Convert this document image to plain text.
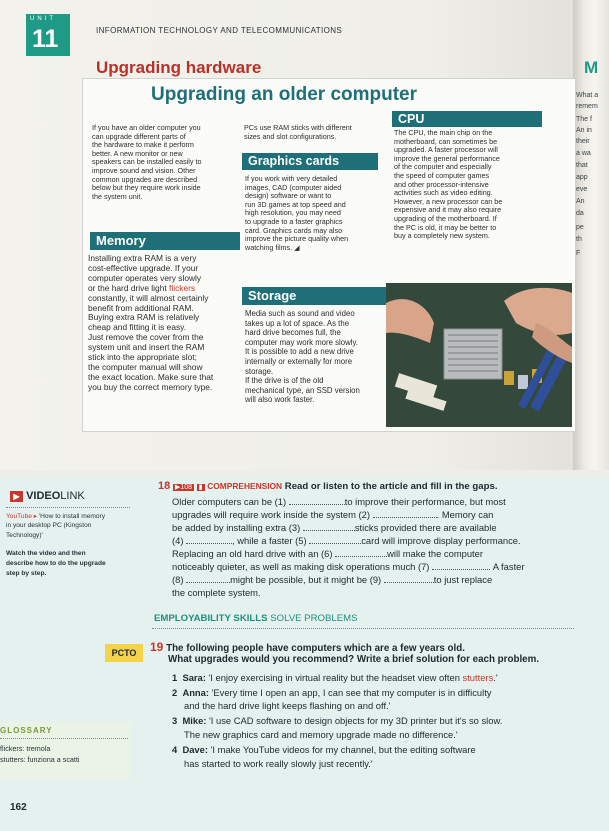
UNIT
11	INFORMATION TECHNOLOGY AND TELECOMMUNICATIONS
Upgrading hardware	M
Upgrading an older computer
If you have an older computer you
can upgrade different parts of
the hardware to make it perform
better. A new monitor or new
speakers can be installed easily to
improve sound and vision. Other
common upgrades are described
below but they require work inside
the system unit.
Memory
Installing extra RAM is a very
cost-effective upgrade. If your
computer operates very slowly
or the hard drive light flickers
constantly, it will almost certainly
benefit from additional RAM.
Buying extra RAM is relatively
cheap and fitting it is easy.
Just remove the cover from the
system unit and insert the RAM
stick into the appropriate slot;
the computer manual will show
the exact location. Make sure that
you buy the correct memory type.
PCs use RAM sticks with different
sizes and slot configurations.
Graphics cards
If you work with very detailed
images, CAD (computer aided
design) software or want to
run 3D games at top speed and
high resolution, you may need
to upgrade to a faster graphics
card. Graphics cards may also
improve the picture quality when
watching films. ◢
CPU
The CPU, the main chip on the
motherboard, can sometimes be
upgraded. A faster processor will
improve the general performance
of the computer and especially
the speed of computer games
and other processor-intensive
activities such as video editing.
However, a new processor can be
expensive and it may also require
upgrading of the motherboard. If
the PC is old, it may be better to
buy a completely new system.
Storage
Media such as sound and video
takes up a lot of space. As the
hard drive becomes full, the
computer may work more slowly.
It is possible to add a new drive
internally or externally for more
storage.
If the drive is of the old
mechanical type, an SSD version
will also work faster.
What a
remem
The f
An in
their
a wa
that
app
eve
An
da
pe
th
F
▶ VIDEOLINK
YouTube ▸ 'How to install memory
in your desktop PC (Kingston
Technology)'
Watch the video and then
describe how to do the upgrade
step by step.
18 ▶108 ▮ COMPREHENSION Read or listen to the article and fill in the gaps.
Older computers can be (1)	to improve their performance, but most
upgrades will require work inside the system (2)	. Memory can
be added by installing extra (3)	sticks provided there are available
(4)	, while a faster (5)	card will improve display performance.
Replacing an old hard drive with an (6)	will make the computer
noticeably quieter, as well as making disk operations much (7)	. A faster
(8)	might be possible, but it might be (9)	to just replace
the complete system.
EMPLOYABILITY SKILLS SOLVE PROBLEMS
PCTO	19 The following people have computers which are a few years old.
What upgrades would you recommend? Write a brief solution for each problem.
1 Sara: 'I enjoy exercising in virtual reality but the headset view often stutters.'
2 Anna: 'Every time I open an app, I can see that my computer is in difficulty
and the hard drive light keeps flashing on and off.'
3 Mike: 'I use CAD software to design objects for my 3D printer but it's so slow.
The new graphics card and memory upgrade made no difference.'
4 Dave: 'I make YouTube videos for my channel, but the editing software
has started to work really slowly just recently.'
GLOSSARY
flickers: tremola
stutters: funziona a scatti
162
